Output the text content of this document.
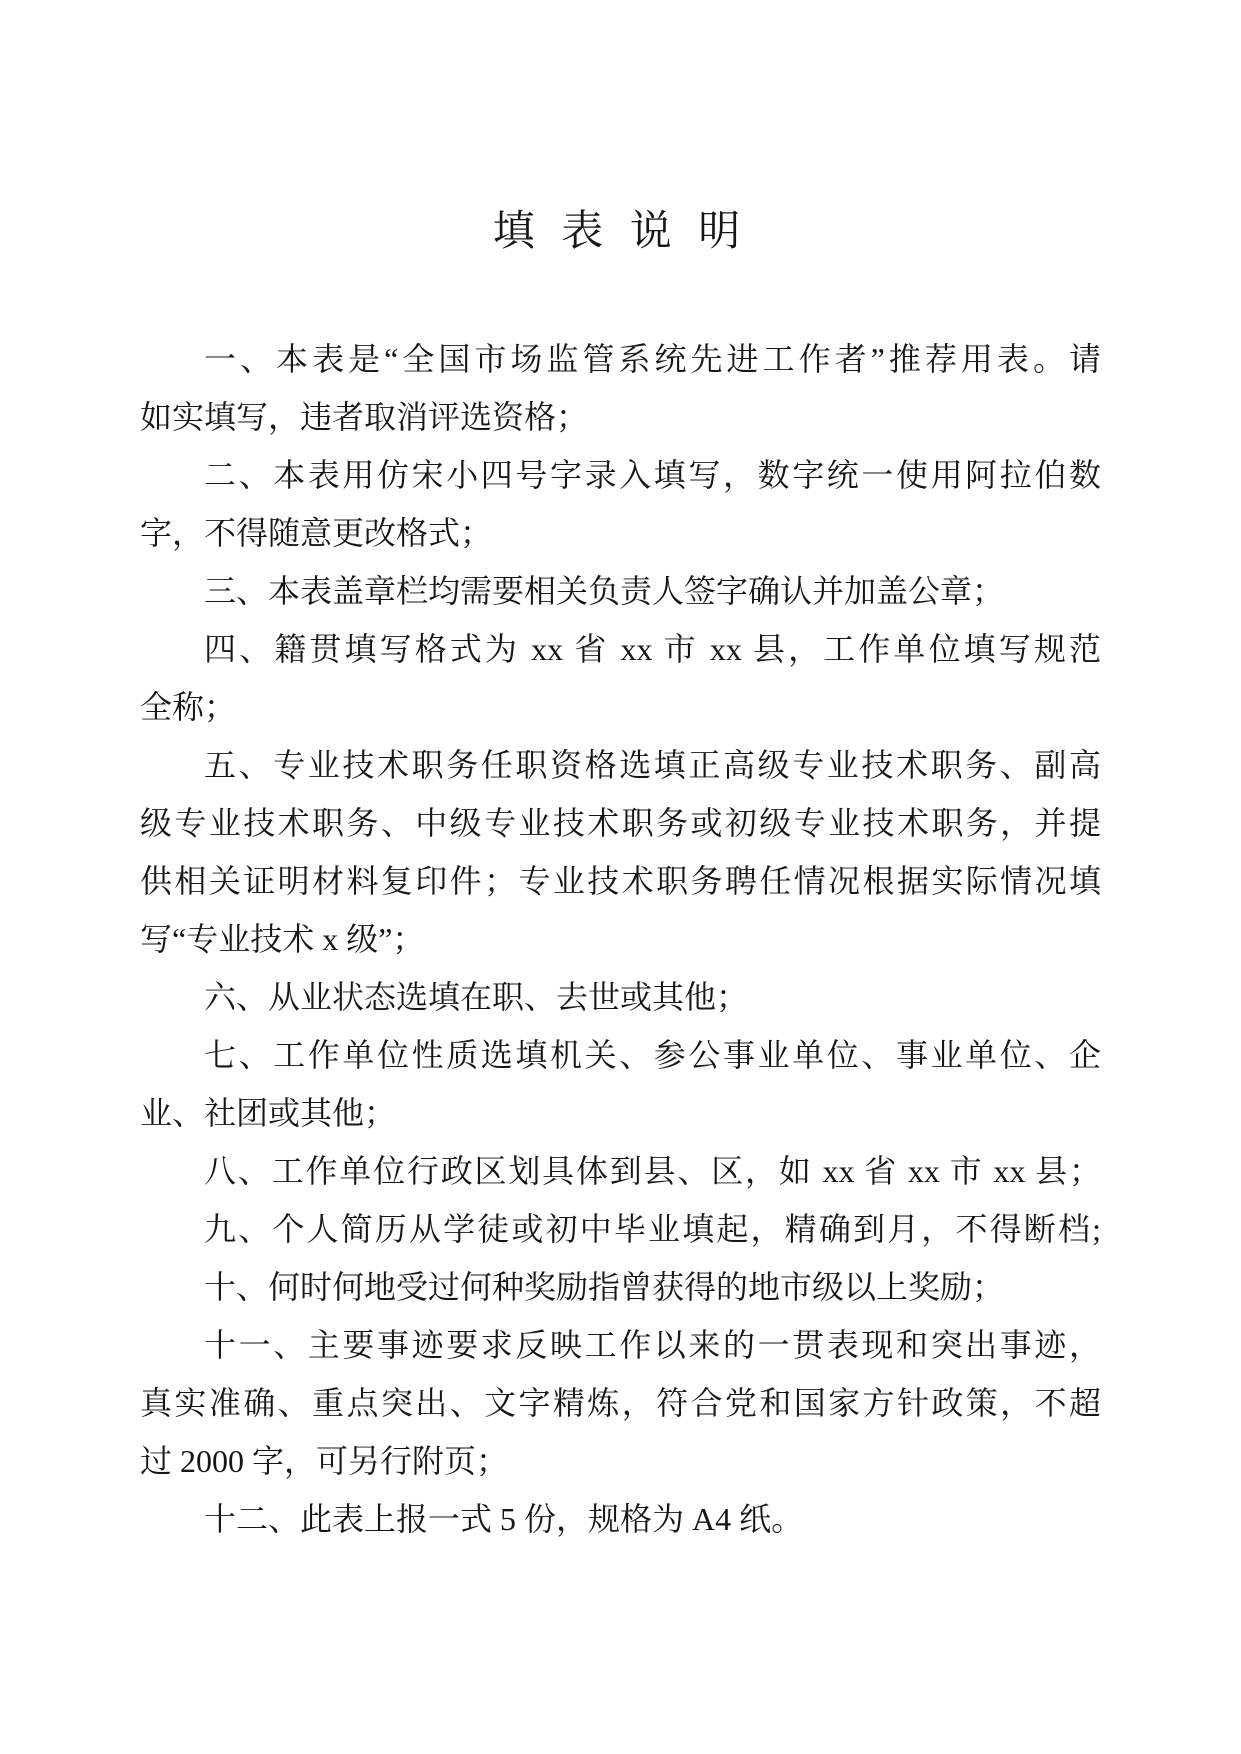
填 表 说 明
一、本表是“全国市场监管系统先进工作者”推荐用表。请
如实填写，违者取消评选资格；
二、本表用仿宋小四号字录入填写，数字统一使用阿拉伯数
字，不得随意更改格式；
三、本表盖章栏均需要相关负责人签字确认并加盖公章；
四、籍贯填写格式为 xx 省 xx 市 xx 县，工作单位填写规范
全称；
五、专业技术职务任职资格选填正高级专业技术职务、副高
级专业技术职务、中级专业技术职务或初级专业技术职务，并提
供相关证明材料复印件；专业技术职务聘任情况根据实际情况填
写“专业技术 x 级”；
六、从业状态选填在职、去世或其他；
七、工作单位性质选填机关、参公事业单位、事业单位、企
业、社团或其他；
八、工作单位行政区划具体到县、区，如 xx 省 xx 市 xx 县；
九、个人简历从学徒或初中毕业填起，精确到月，不得断档;
十、何时何地受过何种奖励指曾获得的地市级以上奖励；
十一、主要事迹要求反映工作以来的一贯表现和突出事迹，
真实准确、重点突出、文字精炼，符合党和国家方针政策，不超
过 2000 字，可另行附页；
十二、此表上报一式 5 份，规格为 A4 纸。
